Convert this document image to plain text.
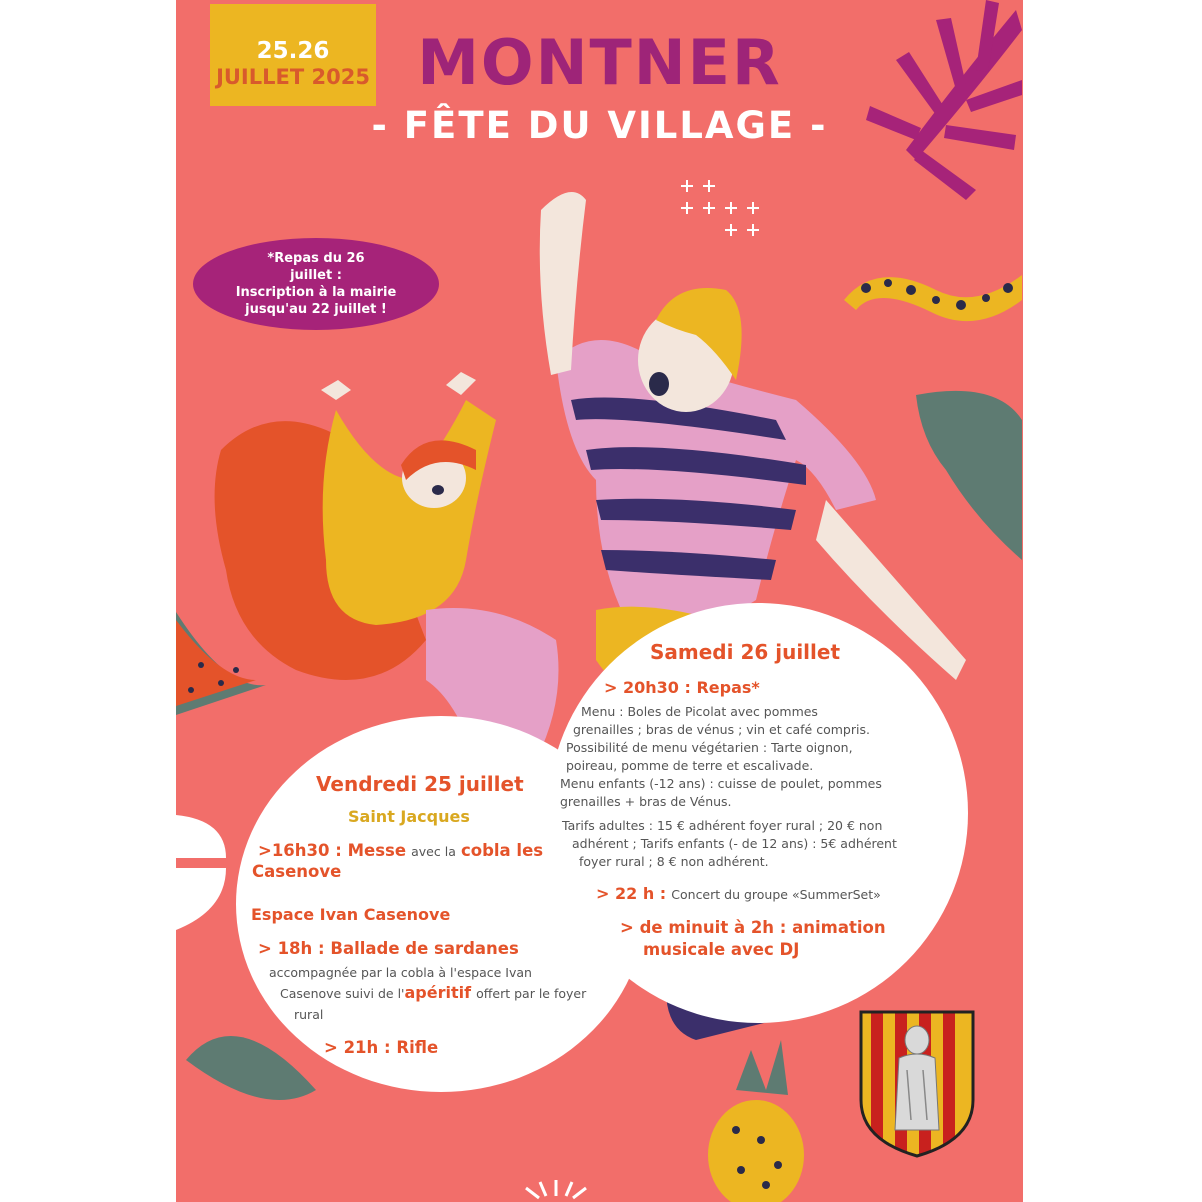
25.26
JUILLET 2025 MONTNER

- FÊTE DU VILLAGE -

*Repas du 26
juillet :
Inscription à la mairie
jusqu'au 22 juillet !

Samedi 26 juillet

> 20h30 : Repas*

Menu : Boles de Picolat avec pommes

grenailles ; bras de vénus ; vin et café compris.

Possibilité de menu végétarien : Tarte oignon,

poireau, pomme de terre et escalivade.

Menu enfants (-12 ans) : cuisse de poulet, pommes

grenailles + bras de Vénus.

Tarifs adultes : 15 € adhérent foyer rural ; 20 € non

adhérent ; Tarifs enfants (- de 12 ans) : 5€ adhérent

foyer rural ; 8 € non adhérent.

> 22 h : Concert du groupe «SummerSet»

> de minuit à 2h : animation

musicale avec DJ

Vendredi 25 juillet

Saint Jacques

>16h30 : Messe avec la cobla les

Casenove

Espace Ivan Casenove

> 18h : Ballade de sardanes

accompagnée par la cobla à l'espace Ivan

Casenove suivi de l'apéritif offert par le foyer

rural

> 21h : Rifle
